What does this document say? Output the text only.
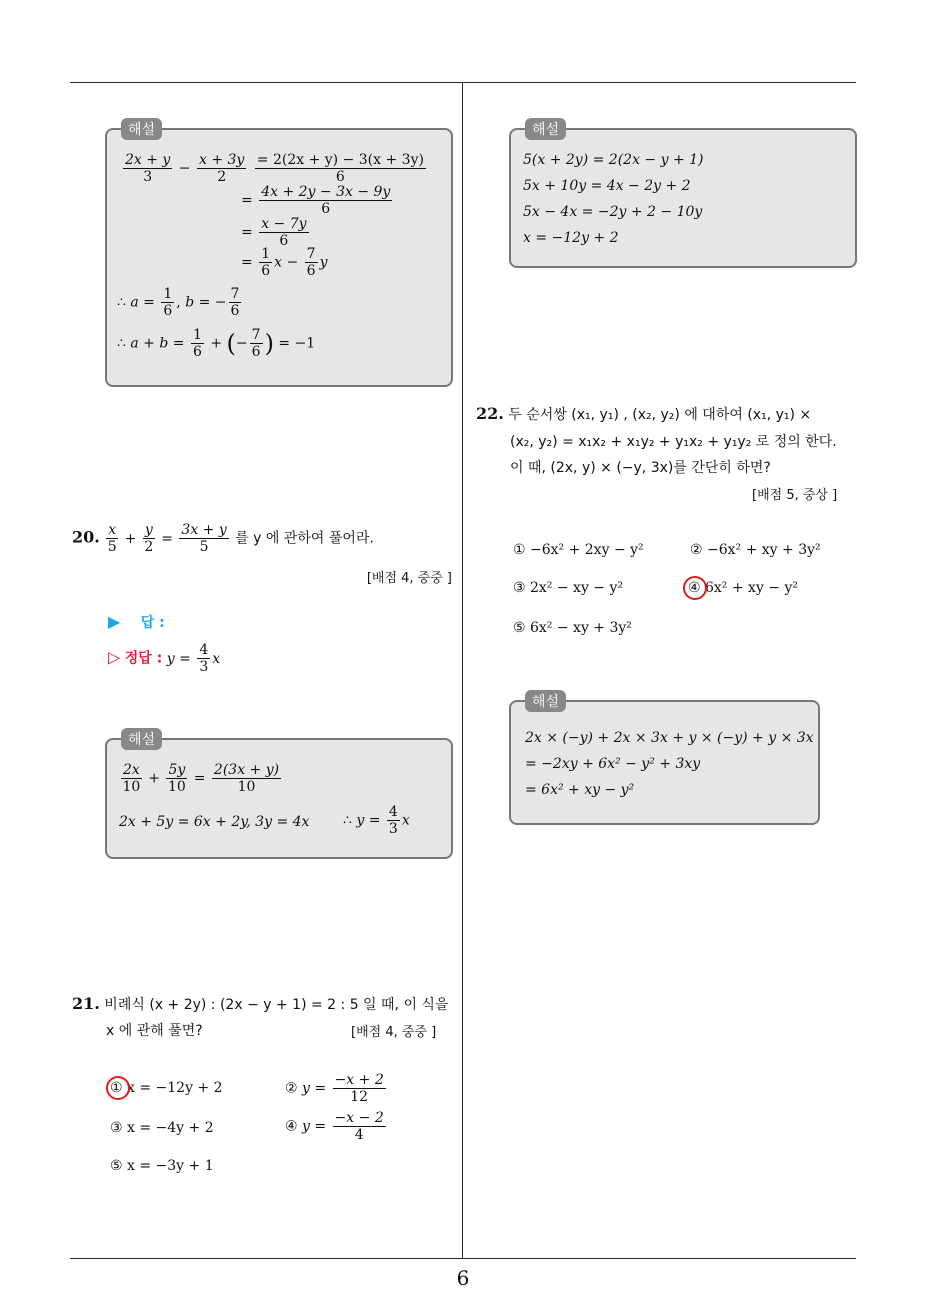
해설
$\frac{2x + y}{3} - \frac{x + 3y}{2}$
$\frac{= 2(2x + y) - 3(x + 3y)}{6}$
= $\frac{4x + 2y - 3x - 9y}{6}$
= $\frac{x - 7y}{6}$
= $\frac{1}{6}$ $x - \frac{7}{6}$ y
∴ $a = \frac{1}{6}$ , b = − $\frac{7}{6}$
∴ $a + b = \frac{1}{6}$ + (− $\frac{7}{6}$ ) = −1
20. $\frac{x}{5} + \frac{y}{2} = \frac{3x + y}{5}$ 를 y 에 관하여 풀어라.
[배점 4, 중중 ]
▶ 답 :
▷ 정답 : $y = \frac{4}{3}$ x
해설
$\frac{2x}{10} + \frac{5y}{10} = \frac{2(3x + y)}{10}$
2x + 5y = 6x + 2y, 3y = 4x ∴ $y = \frac{4}{3}$ x
21. 비례식 (x + 2y) : (2x − y + 1) = 2 : 5 일 때, 이 식을
x 에 관해 풀면?	[배점 4, 중중 ]
① x = −12y + 2	② $y = \frac{-x + 2}{12}$
③ x = −4y + 2	④ $y = \frac{-x - 2}{4}$
⑤ x = −3y + 1
해설
5(x + 2y) = 2(2x − y + 1)
5x + 10y = 4x − 2y + 2
5x − 4x = −2y + 2 − 10y
x = −12y + 2
22. 두 순서쌍 (x₁, y₁) , (x₂, y₂) 에 대하여 (x₁, y₁) ×
(x₂, y₂) = x₁x₂ + x₁y₂ + y₁x₂ + y₁y₂ 로 정의 한다.
이 때, (2x, y) × (−y, 3x)를 간단히 하면?
[배점 5, 중상 ]
① −6x² + 2xy − y²	② −6x² + xy + 3y²
③ 2x² − xy − y²	④ 6x² + xy − y²
⑤ 6x² − xy + 3y²
해설
2x × (−y) + 2x × 3x + y × (−y) + y × 3x
= −2xy + 6x² − y² + 3xy
= 6x² + xy − y²
6
